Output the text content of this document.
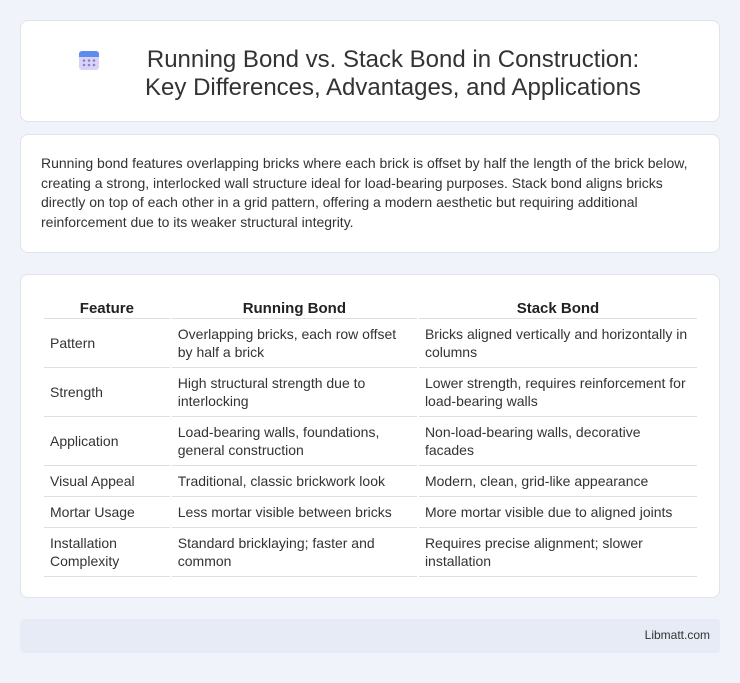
Running Bond vs. Stack Bond in Construction: Key Differences, Advantages, and Applications

Running bond features overlapping bricks where each brick is offset by half the length of the brick below, creating a strong, interlocked wall structure ideal for load-bearing purposes. Stack bond aligns bricks directly on top of each other in a grid pattern, offering a modern aesthetic but requiring additional reinforcement due to its weaker structural integrity.

Feature	Running Bond	Stack Bond
Pattern	Overlapping bricks, each row offset by half a brick	Bricks aligned vertically and horizontally in columns
Strength	High structural strength due to interlocking	Lower strength, requires reinforcement for load-bearing walls
Application	Load-bearing walls, foundations, general construction	Non-load-bearing walls, decorative facades
Visual Appeal	Traditional, classic brickwork look	Modern, clean, grid-like appearance
Mortar Usage	Less mortar visible between bricks	More mortar visible due to aligned joints
Installation Complexity	Standard bricklaying; faster and common	Requires precise alignment; slower installation
Libmatt.com
